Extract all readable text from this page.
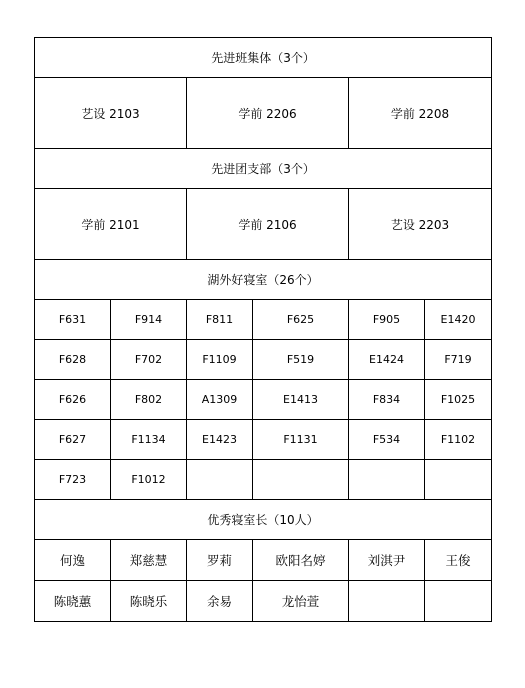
先进班集体（3个）					
艺设 2103		学前 2206		学前 2208	
先进团支部（3个）					
学前 2101		学前 2106		艺设 2203	
湖外好寝室（26个）					
F631	F914	F811	F625	F905	E1420
F628	F702	F1109	F519	E1424	F719
F626	F802	A1309	E1413	F834	F1025
F627	F1134	E1423	F1131	F534	F1102
F723	F1012				
优秀寝室长（10人）					
何逸	郑慈慧	罗莉	欧阳名婷	刘淇尹	王俊
陈晓蕙	陈晓乐	余易	龙怡萱		
